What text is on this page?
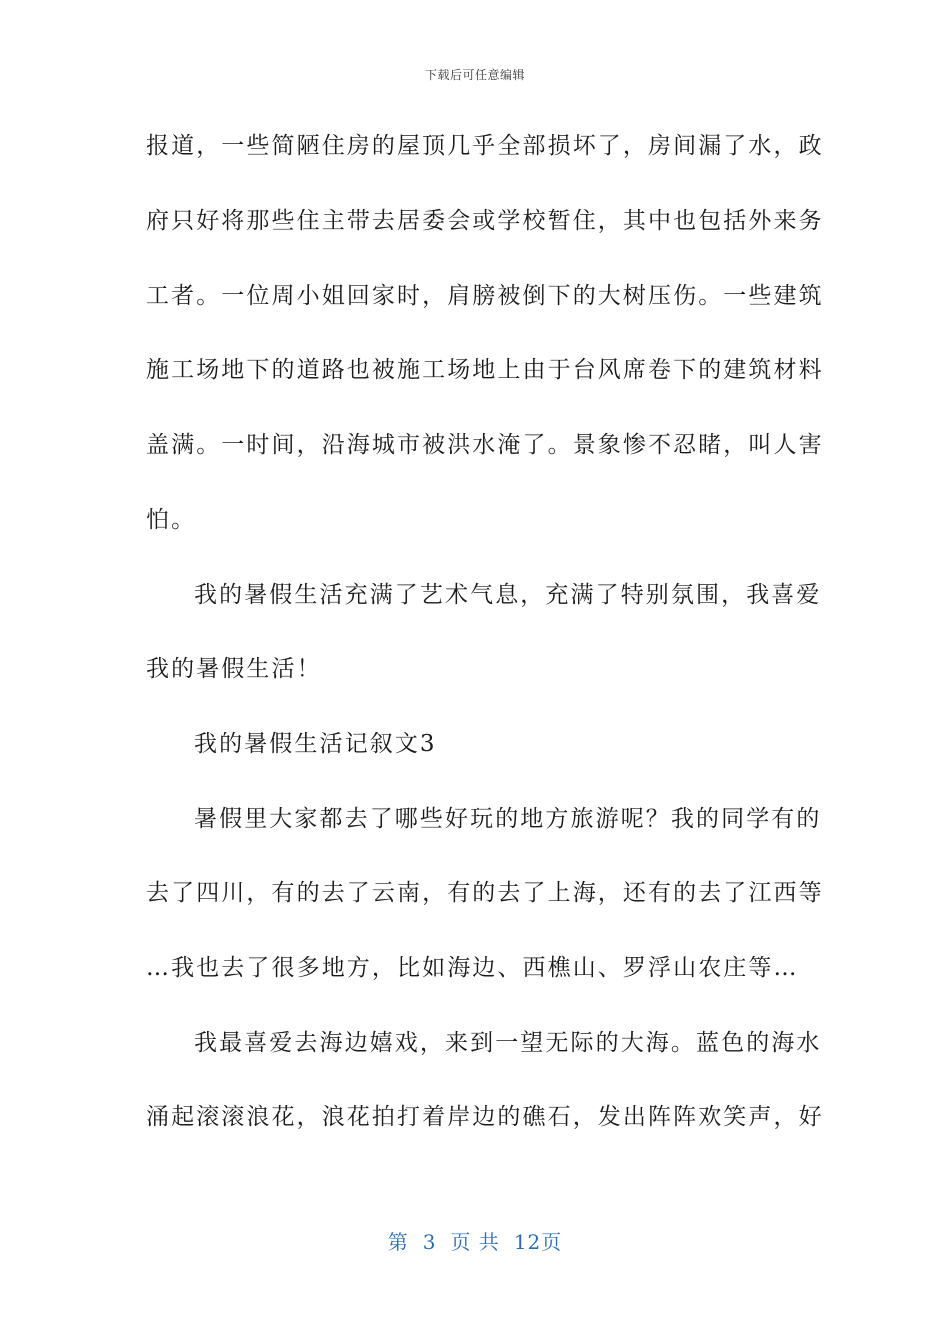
下载后可任意编辑
报道，一些简陋住房的屋顶几乎全部损坏了，房间漏了水，政
府只好将那些住主带去居委会或学校暂住，其中也包括外来务
工者。一位周小姐回家时，肩膀被倒下的大树压伤。一些建筑
施工场地下的道路也被施工场地上由于台风席卷下的建筑材料
盖满。一时间，沿海城市被洪水淹了。景象惨不忍睹，叫人害
怕。
我的暑假生活充满了艺术气息，充满了特别氛围，我喜爱
我的暑假生活！
我的暑假生活记叙文3
暑假里大家都去了哪些好玩的地方旅游呢？我的同学有的
去了四川，有的去了云南，有的去了上海，还有的去了江西等
…我也去了很多地方，比如海边、西樵山、罗浮山农庄等…
我最喜爱去海边嬉戏，来到一望无际的大海。蓝色的海水
涌起滚滚浪花，浪花拍打着岸边的礁石，发出阵阵欢笑声，好
第 3 页 共 12页
